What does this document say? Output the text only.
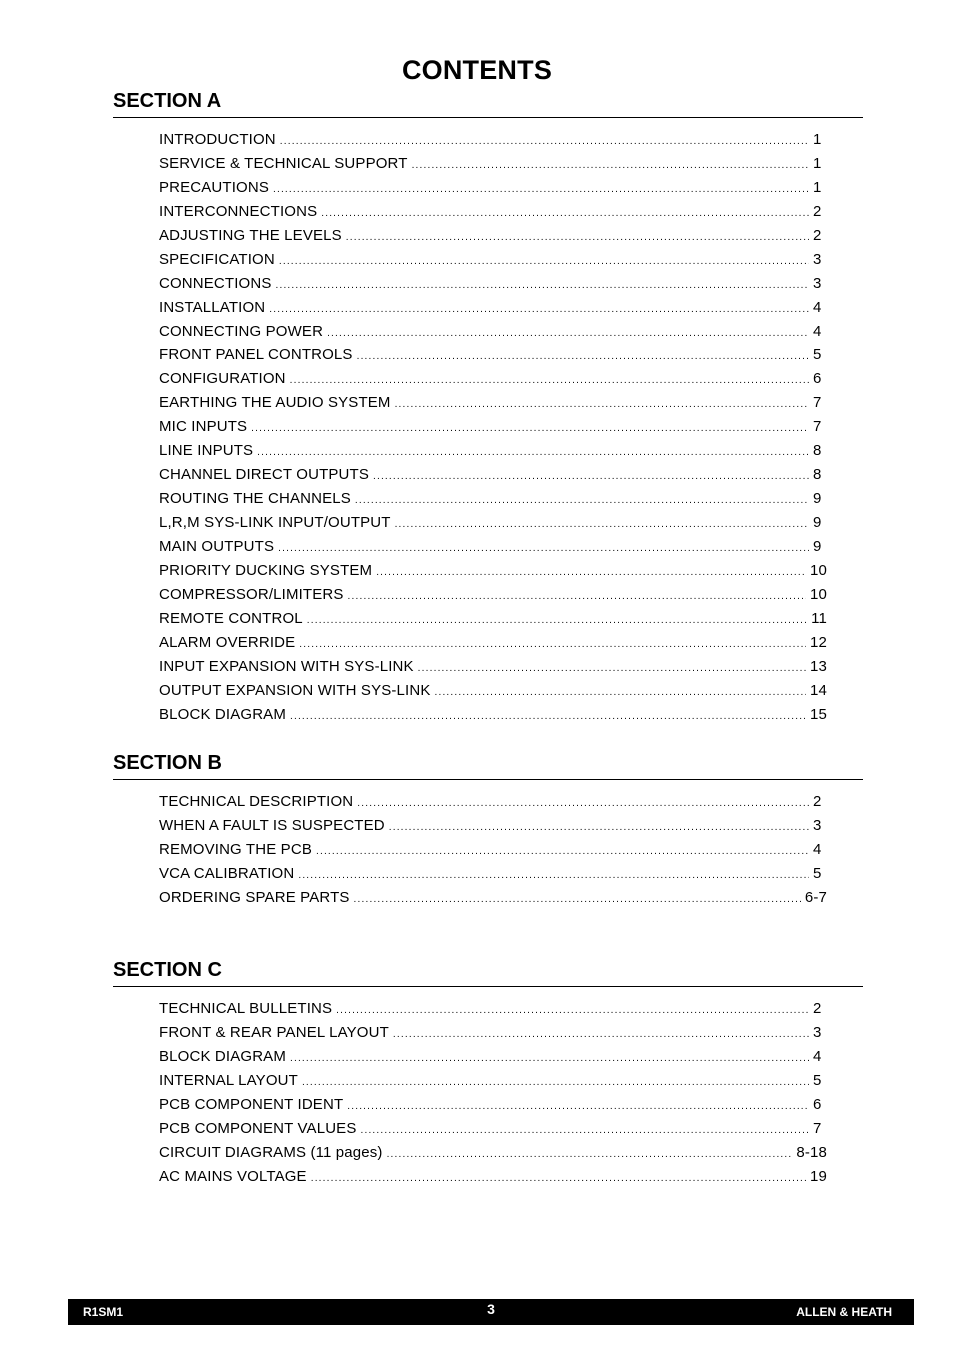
CONTENTS
SECTION A
INTRODUCTION .....	1
SERVICE & TECHNICAL SUPPORT .....	1
PRECAUTIONS .....	1
INTERCONNECTIONS .....	2
ADJUSTING THE LEVELS .....	2
SPECIFICATION .....	3
CONNECTIONS .....	3
INSTALLATION .....	4
CONNECTING POWER .....	4
FRONT PANEL CONTROLS .....	5
CONFIGURATION .....	6
EARTHING THE AUDIO SYSTEM .....	7
MIC INPUTS .....	7
LINE INPUTS .....	8
CHANNEL DIRECT OUTPUTS .....	8
ROUTING THE CHANNELS .....	9
L,R,M SYS-LINK INPUT/OUTPUT .....	9
MAIN OUTPUTS .....	9
PRIORITY DUCKING SYSTEM .....	10
COMPRESSOR/LIMITERS .....	10
REMOTE CONTROL .....	11
ALARM OVERRIDE .....	12
INPUT EXPANSION WITH SYS-LINK .....	13
OUTPUT EXPANSION WITH SYS-LINK .....	14
BLOCK DIAGRAM .....	15
SECTION B
TECHNICAL DESCRIPTION .....	2
WHEN A FAULT IS SUSPECTED .....	3
REMOVING THE PCB .....	4
VCA CALIBRATION .....	5
ORDERING SPARE PARTS .....	6-7
SECTION C
TECHNICAL BULLETINS .....	2
FRONT & REAR PANEL LAYOUT .....	3
BLOCK DIAGRAM .....	4
INTERNAL LAYOUT .....	5
PCB COMPONENT IDENT .....	6
PCB COMPONENT VALUES .....	7
CIRCUIT DIAGRAMS (11 pages) .....	8-18
AC MAINS VOLTAGE .....	19
R1SM1	3	ALLEN & HEATH
